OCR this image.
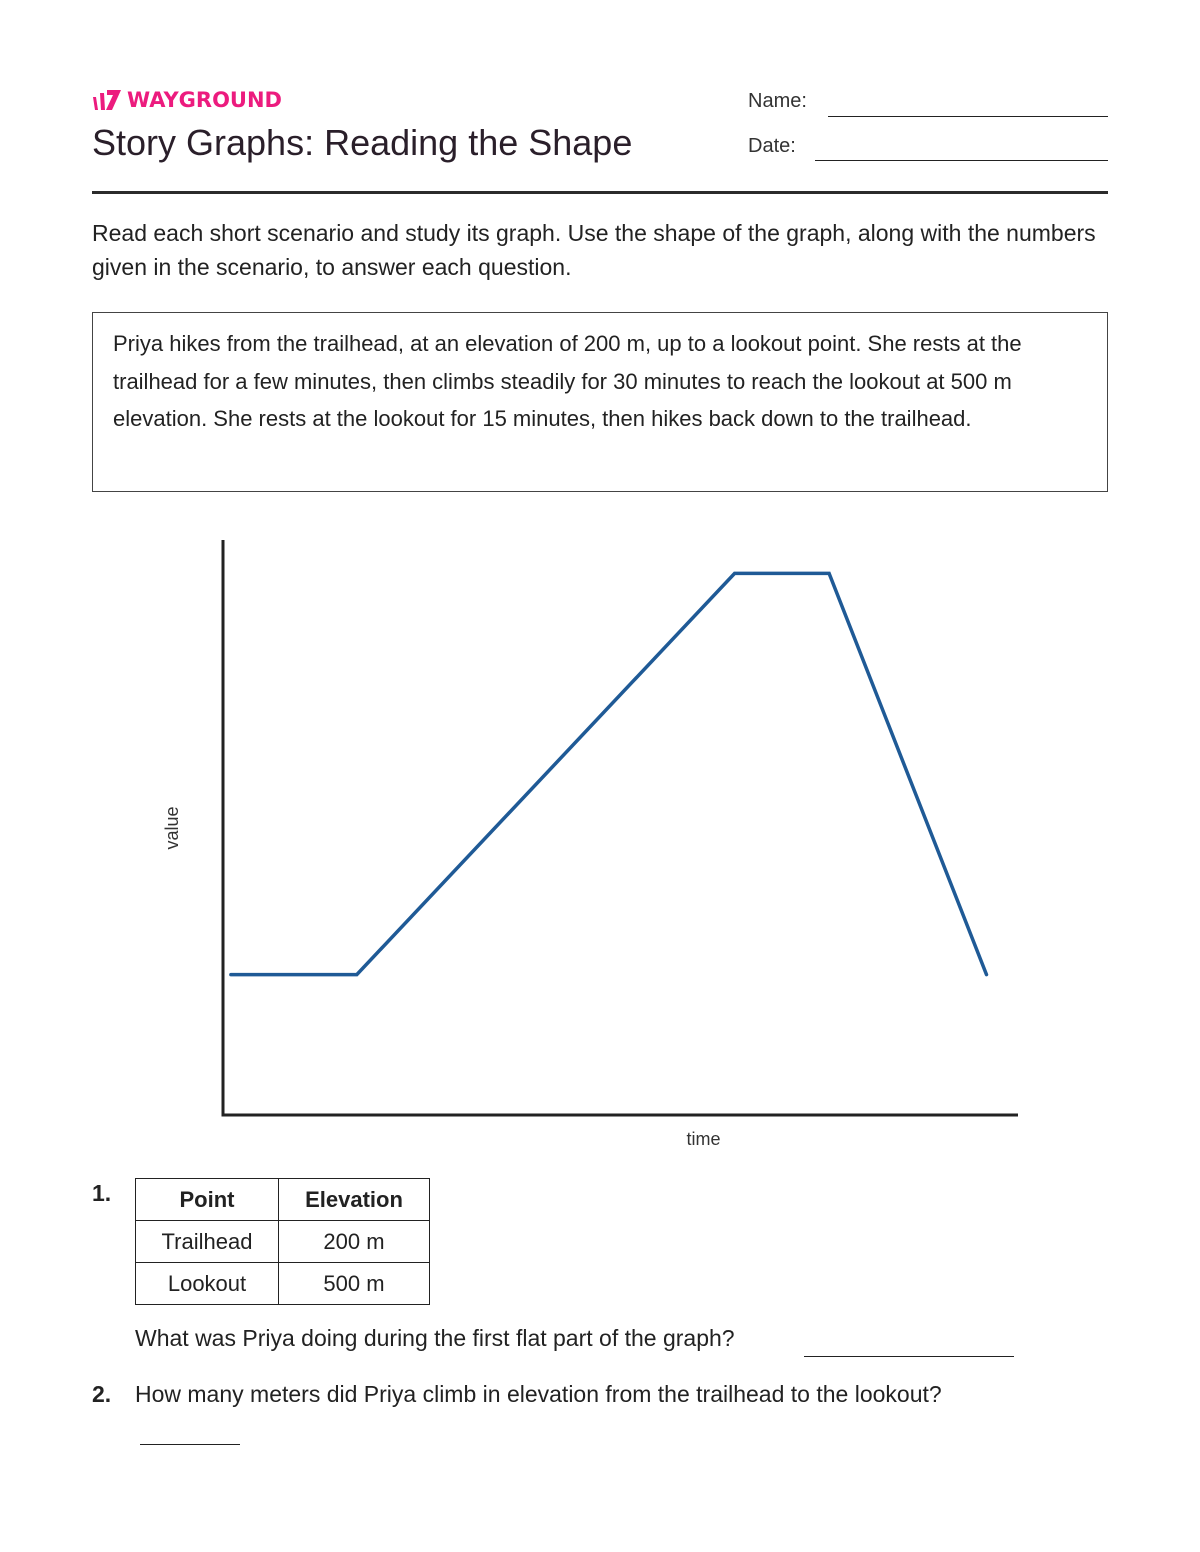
WAYGROUND
Story Graphs: Reading the Shape
Name:
Date:
Read each short scenario and study its graph. Use the shape of the graph, along with the numbers given in the scenario, to answer each question.
Priya hikes from the trailhead, at an elevation of 200 m, up to a lookout point. She rests at the trailhead for a few minutes, then climbs steadily for 30 minutes to reach the lookout at 500 m elevation. She rests at the lookout for 15 minutes, then hikes back down to the trailhead.
time
value
1.	Point	Elevation
Trailhead	200 m
Lookout	500 m
What was Priya doing during the first flat part of the graph?
2. How many meters did Priya climb in elevation from the trailhead to the lookout?
